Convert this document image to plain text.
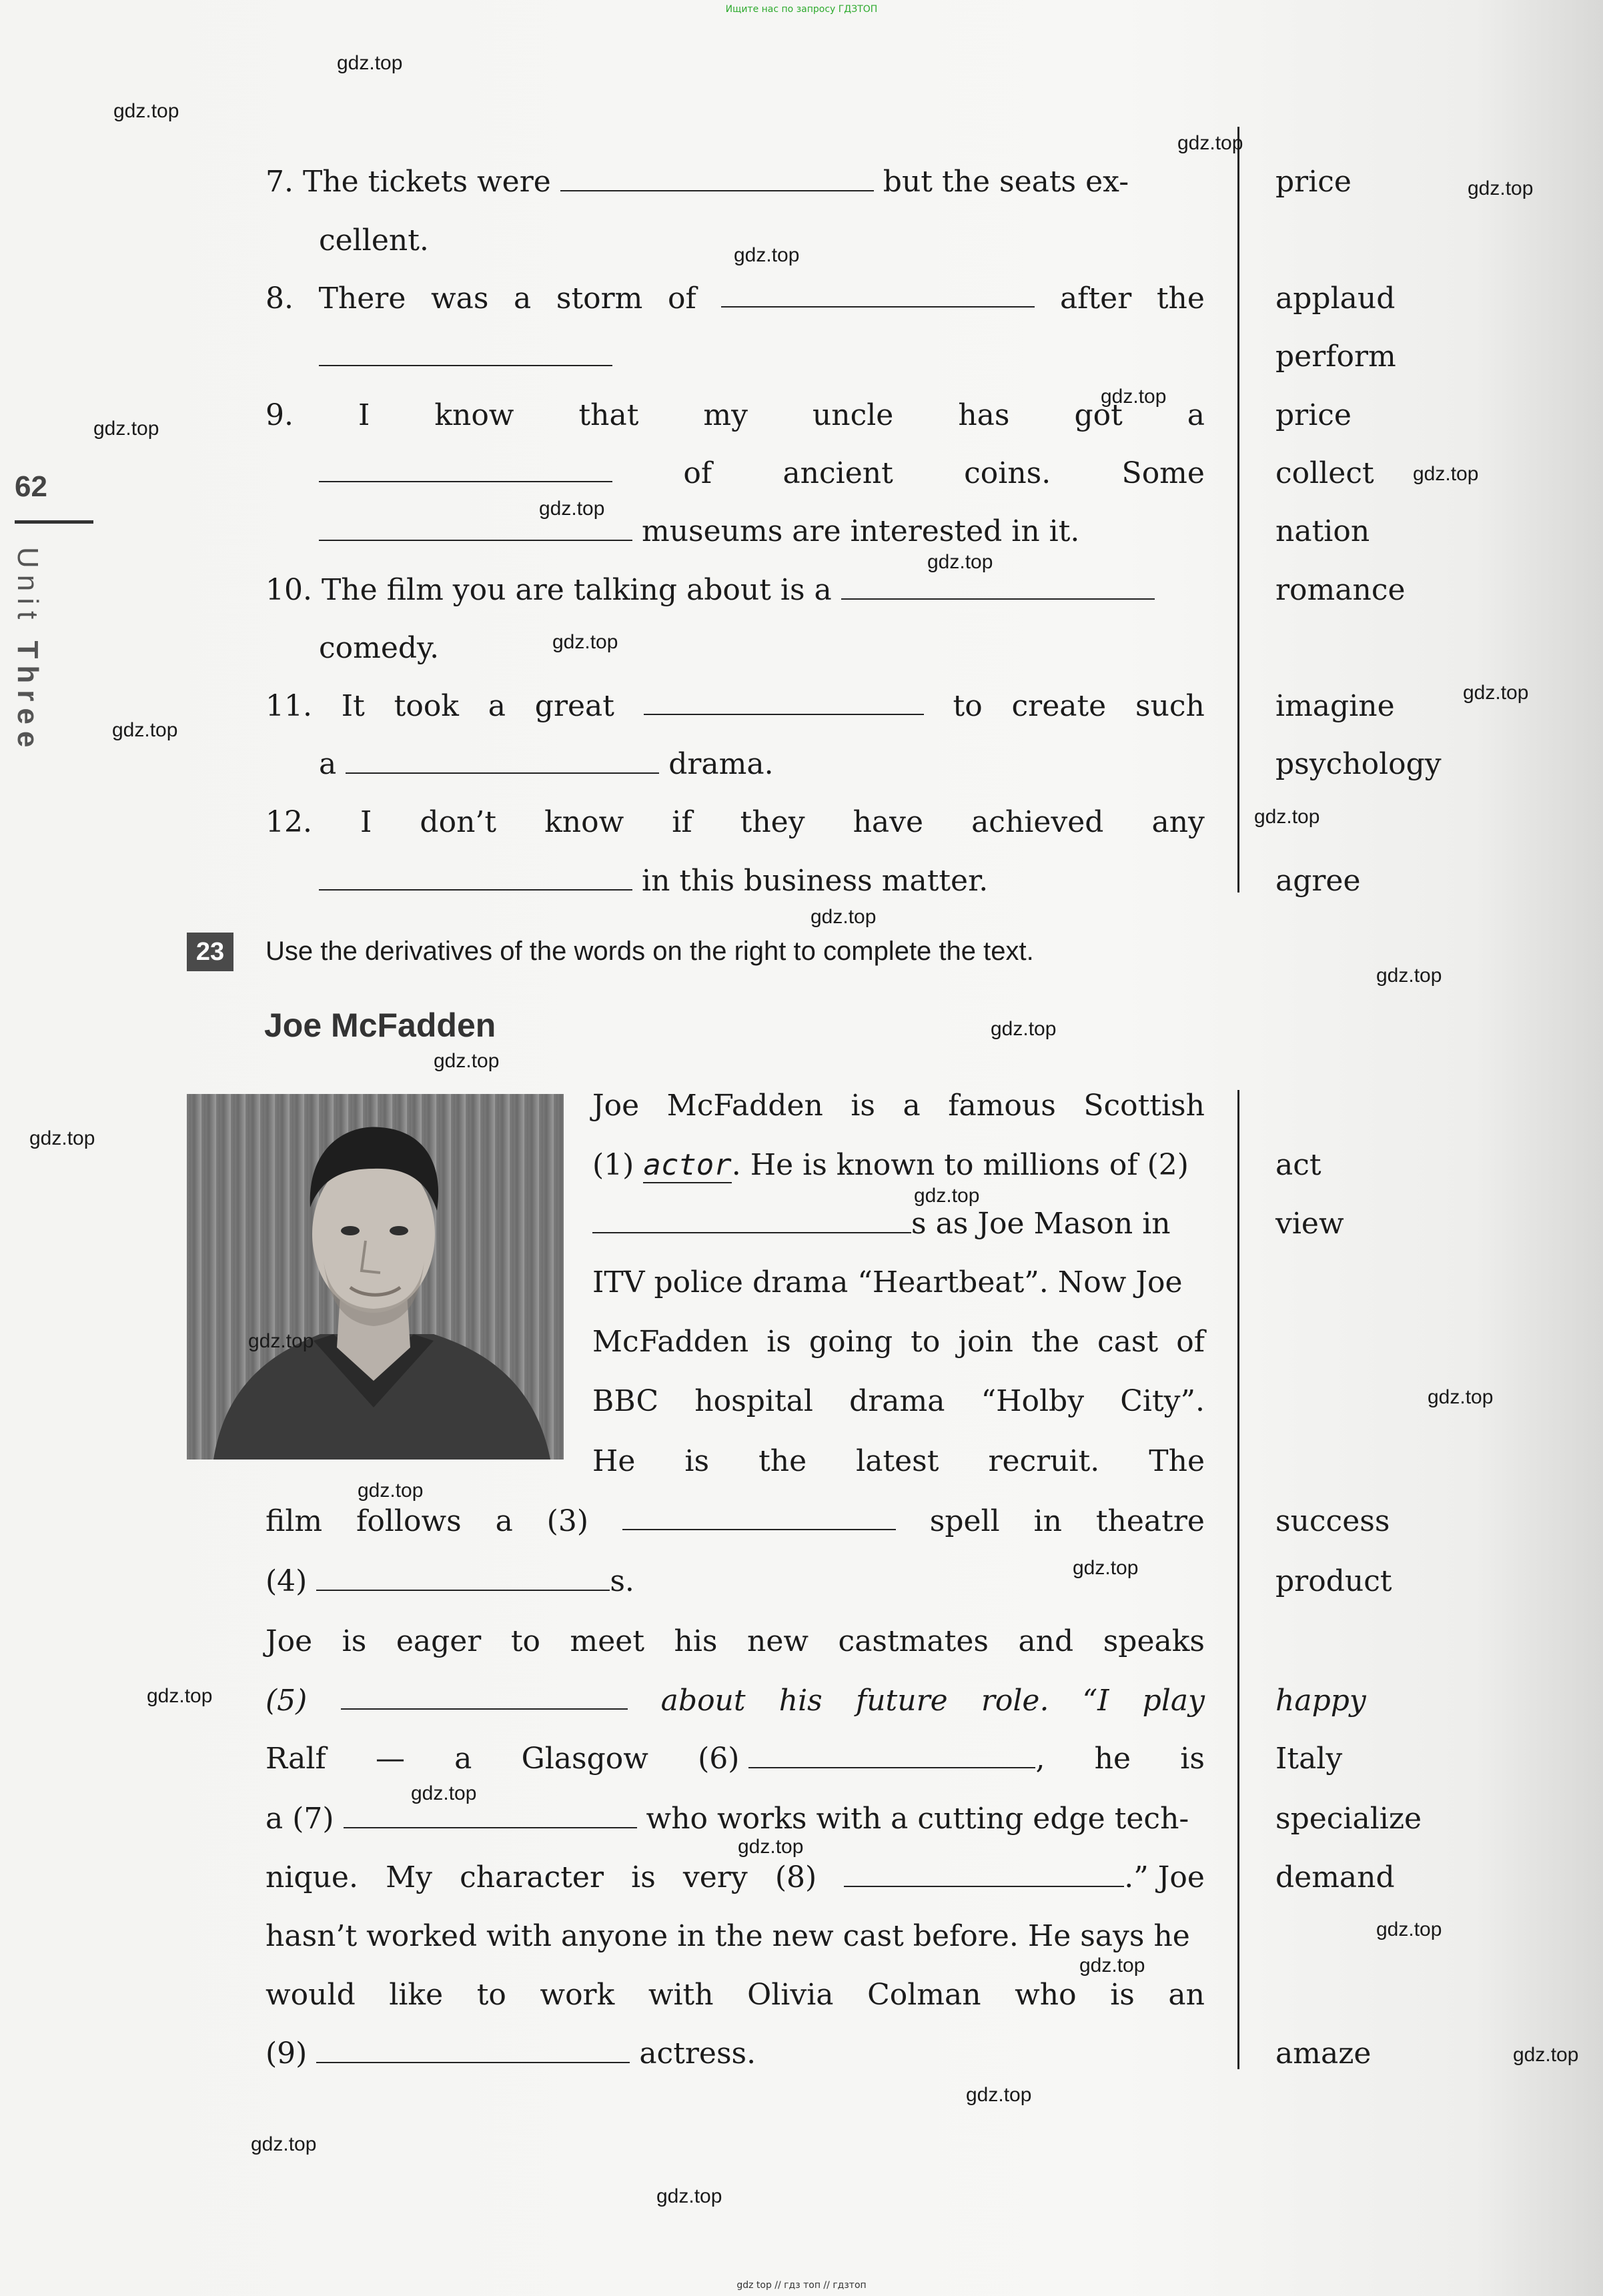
Ищите нас по запросу ГДЗТОП
62
Unit Three
7. The tickets were	but the seats ex-	price
cellent.
8. There was a storm of	after the applaud
perform
9. I know that my uncle has got a price
of ancient coins. Some collect
museums are interested in it.	nation
10. The film you are talking about is a	romance
comedy.
11. It took a great	to create such imagine
a	drama.	psychology
12. I don’t know if they have achieved any
in this business matter.	agree
23	Use the derivatives of the words on the right to complete the text.
Joe McFadden
Joe McFadden is a famous Scottish
(1) actor. He is known to millions of (2)	act
s as Joe Mason in	view
ITV police drama “Heartbeat”. Now Joe
McFadden is going to join the cast of
BBC hospital drama “Holby City”.
He is the latest recruit. The
film follows a (3)	spell in theatre success
(4)	s.	product
Joe is eager to meet his new castmates and speaks
(5)	about his future role. “I play happy
Ralf — a Glasgow (6)	, he is Italy
a (7)	who works with a cutting edge tech-	specialize
nique. My character is very (8)	.” Joe demand
hasn’t worked with anyone in the new cast before. He says he
would like to work with Olivia Colman who is an
(9)	actress.	amaze
gdz.top
gdz.top
gdz.top
gdz.top
gdz.top
gdz.top
gdz.top
gdz.top
gdz.top
gdz.top
gdz.top
gdz.top
gdz.top
gdz.top
gdz.top
gdz.top
gdz.top
gdz.top
gdz.top
gdz.top
gdz.top
gdz.top
gdz.top
gdz.top
gdz.top
gdz.top
gdz.top
gdz.top
gdz.top
gdz.top
gdz.top
gdz.top
gdz.top
gdz top // гдз топ // гдзтоп
